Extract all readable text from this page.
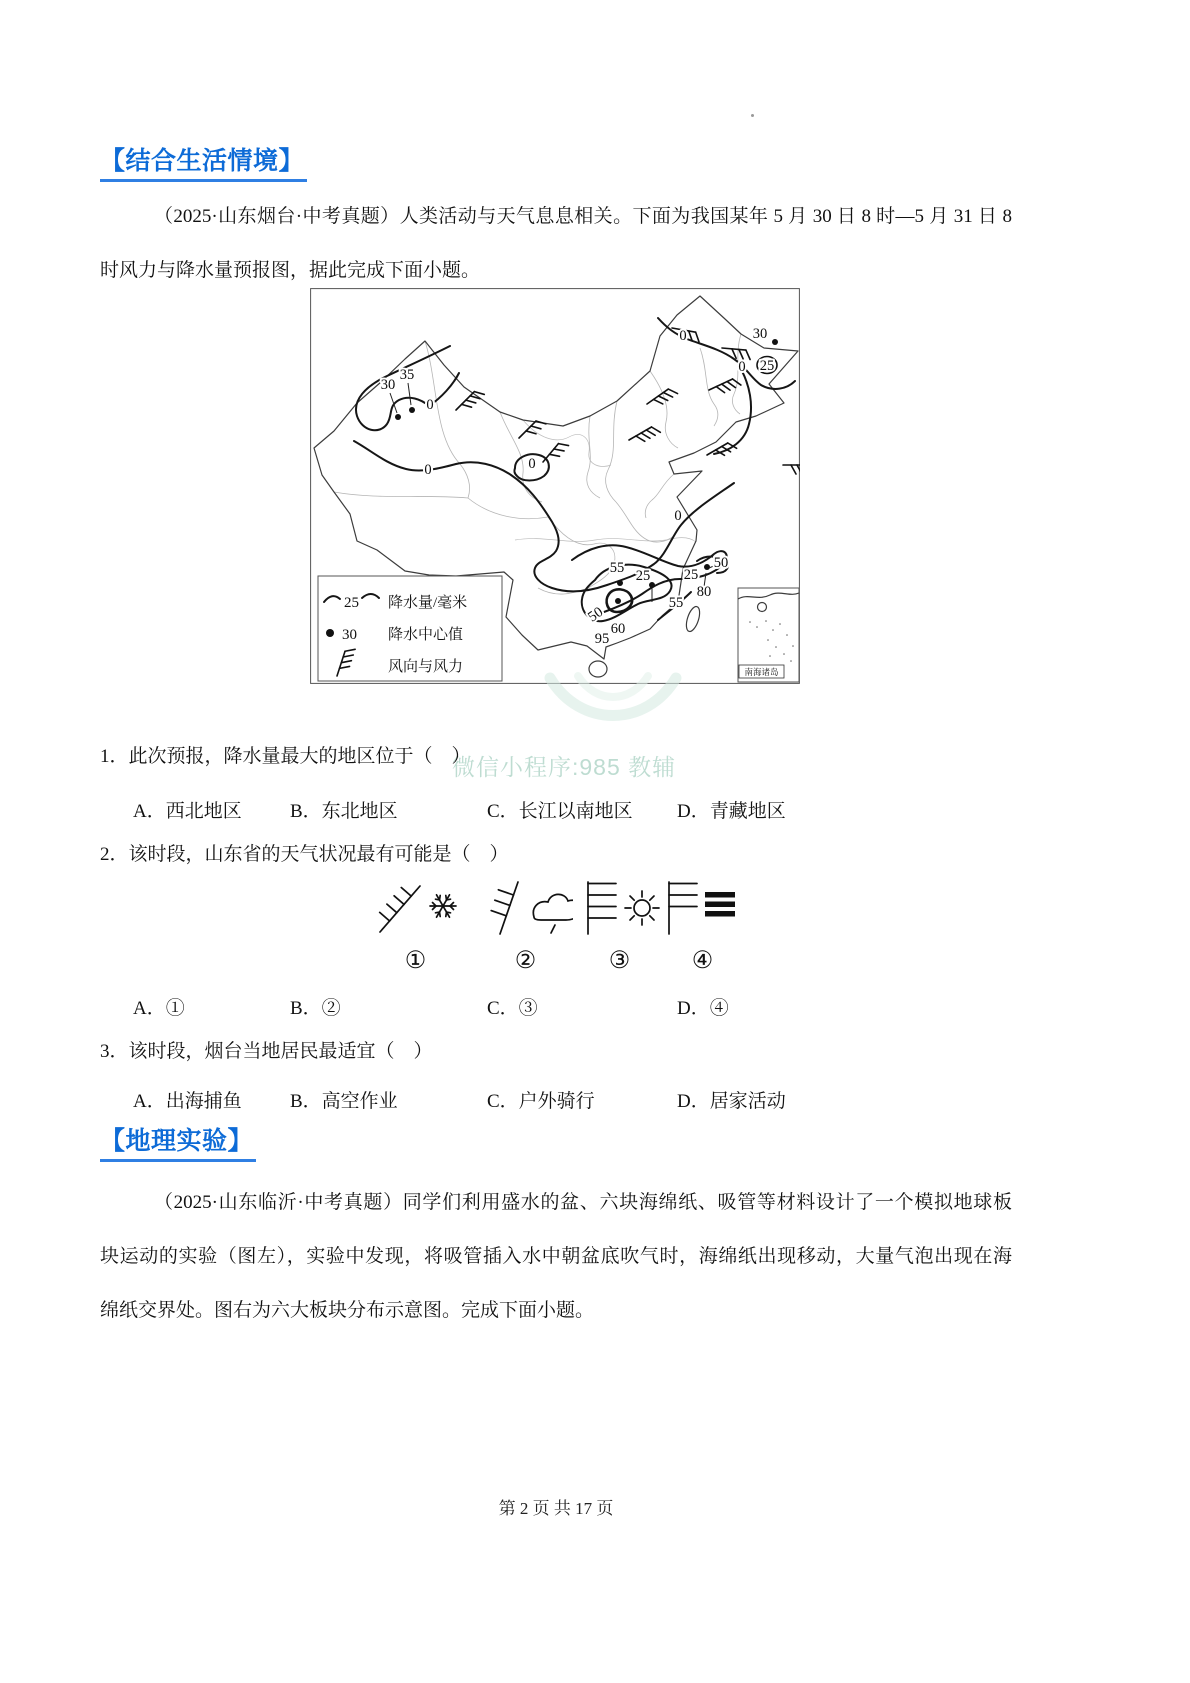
【结合生活情境】
（2025·山东烟台·中考真题）人类活动与天气息息相关。下面为我国某年 5 月 30 日 8 时—5 月 31 日 8
时风力与降水量预报图，据此完成下面小题。
25 降水量/毫米
30 降水中心值
风向与风力	南海诸岛
30
35
0
0	0
0	30
0 25
0
55 25 25
50
80
50
60
95
55
微信小程序:985 教辅
1．此次预报，降水量最大的地区位于（　）
A．西北地区	B．东北地区	C．长江以南地区	D．青藏地区
2．该时段，山东省的天气状况最有可能是（　）
①	②	③	④
A．①	B．②	C．③	D．④
3．该时段，烟台当地居民最适宜（　）
A．出海捕鱼	B．高空作业	C．户外骑行	D．居家活动
【地理实验】
（2025·山东临沂·中考真题）同学们利用盛水的盆、六块海绵纸、吸管等材料设计了一个模拟地球板
块运动的实验（图左），实验中发现，将吸管插入水中朝盆底吹气时，海绵纸出现移动，大量气泡出现在海
绵纸交界处。图右为六大板块分布示意图。完成下面小题。
第 2 页 共 17 页
